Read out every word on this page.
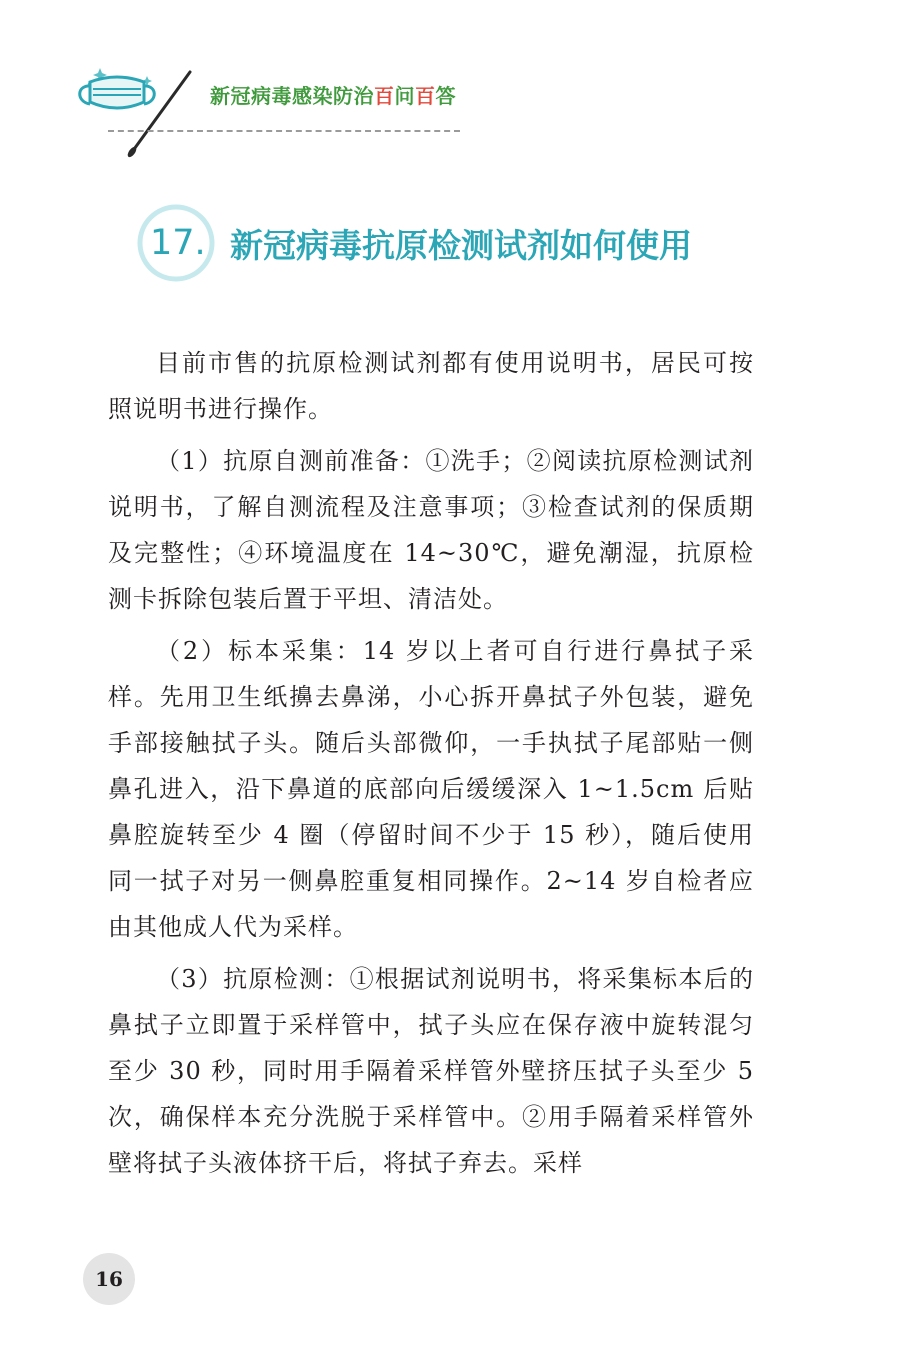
新冠病毒感染防治百问百答
17. 新冠病毒抗原检测试剂如何使用

目前市售的抗原检测试剂都有使用说明书，居民可按照说明书进行操作。

（1）抗原自测前准备：①洗手；②阅读抗原检测试剂说明书，了解自测流程及注意事项；③检查试剂的保质期及完整性；④环境温度在 14~30℃，避免潮湿，抗原检测卡拆除包装后置于平坦、清洁处。

（2）标本采集：14 岁以上者可自行进行鼻拭子采样。先用卫生纸擤去鼻涕，小心拆开鼻拭子外包装，避免手部接触拭子头。随后头部微仰，一手执拭子尾部贴一侧鼻孔进入，沿下鼻道的底部向后缓缓深入 1~1.5cm 后贴鼻腔旋转至少 4 圈（停留时间不少于 15 秒），随后使用同一拭子对另一侧鼻腔重复相同操作。2~14 岁自检者应由其他成人代为采样。

（3）抗原检测：①根据试剂说明书，将采集标本后的鼻拭子立即置于采样管中，拭子头应在保存液中旋转混匀至少 30 秒，同时用手隔着采样管外壁挤压拭子头至少 5 次，确保样本充分洗脱于采样管中。②用手隔着采样管外壁将拭子头液体挤干后，将拭子弃去。采样

16
